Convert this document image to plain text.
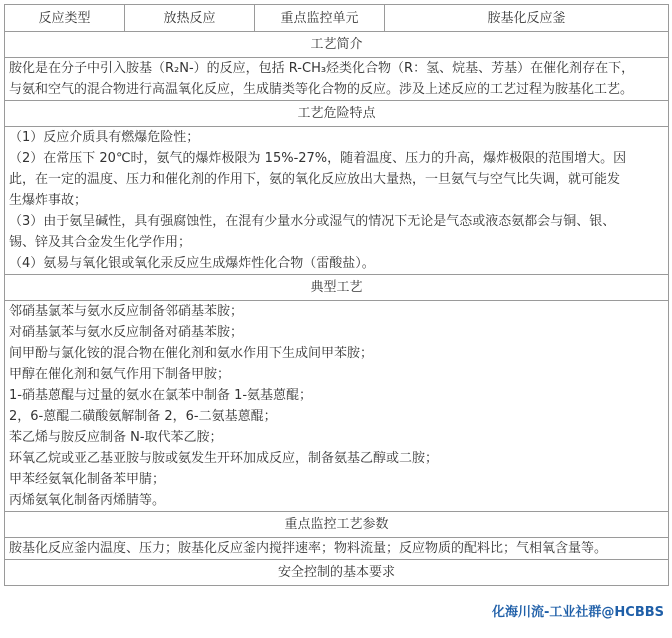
反应类型	放热反应	重点监控单元	胺基化反应釜
工艺简介

胺化是在分子中引入胺基（R₂N-）的反应，包括 R-CH₃烃类化合物（R：氢、烷基、芳基）在催化剂存在下，
与氨和空气的混合物进行高温氧化反应，生成腈类等化合物的反应。涉及上述反应的工艺过程为胺基化工艺。

工艺危险特点

（1）反应介质具有燃爆危险性；
（2）在常压下 20℃时，氨气的爆炸极限为 15%-27%，随着温度、压力的升高，爆炸极限的范围增大。因
此，在一定的温度、压力和催化剂的作用下，氨的氧化反应放出大量热，一旦氨气与空气比失调，就可能发
生爆炸事故；
（3）由于氨呈碱性，具有强腐蚀性，在混有少量水分或湿气的情况下无论是气态或液态氨都会与铜、银、
锡、锌及其合金发生化学作用；
（4）氨易与氧化银或氧化汞反应生成爆炸性化合物（雷酸盐）。

典型工艺

邻硝基氯苯与氨水反应制备邻硝基苯胺；
对硝基氯苯与氨水反应制备对硝基苯胺；
间甲酚与氯化铵的混合物在催化剂和氨水作用下生成间甲苯胺；
甲醇在催化剂和氨气作用下制备甲胺；
1-硝基蒽醌与过量的氨水在氯苯中制备 1-氨基蒽醌；
2，6-蒽醌二磺酸氨解制备 2，6-二氨基蒽醌；
苯乙烯与胺反应制备 N-取代苯乙胺；
环氧乙烷或亚乙基亚胺与胺或氨发生开环加成反应，制备氨基乙醇或二胺；
甲苯经氨氧化制备苯甲腈；
丙烯氨氧化制备丙烯腈等。

重点监控工艺参数

胺基化反应釜内温度、压力；胺基化反应釜内搅拌速率；物料流量；反应物质的配料比；气相氧含量等。

安全控制的基本要求
化海川流-工业社群@HCBBS
